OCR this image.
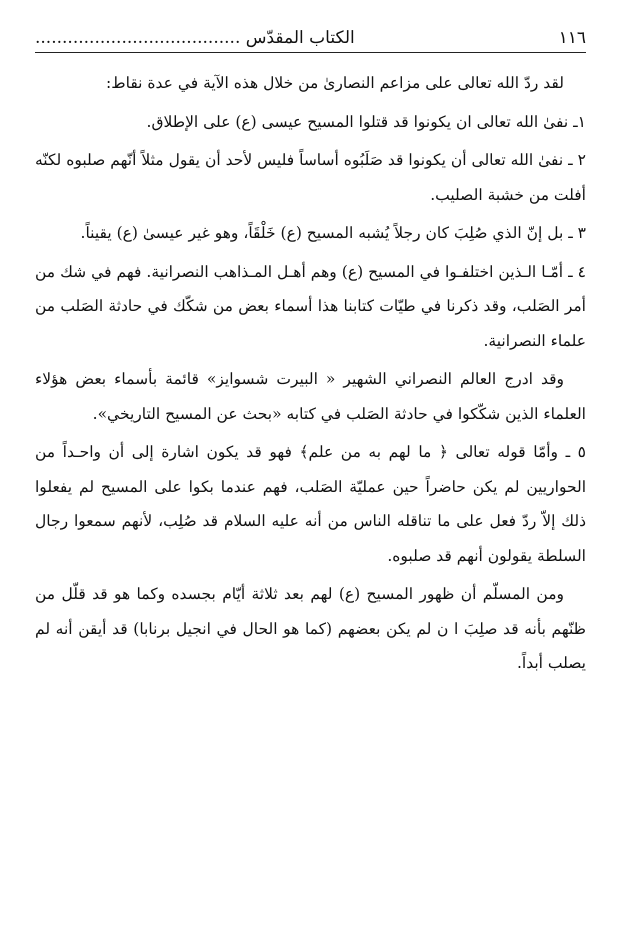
١١٦
الكتاب المقدّس ......................................

لقد ردّ الله تعالى على مزاعم النصارىٰ من خلال هذه الآية في عدة نقاط:

١ـ نفىٰ الله تعالى ان يكونوا قد قتلوا المسيح عيسى (ع) على الإطلاق.

٢ ـ نفىٰ الله تعالى أن يكونوا قد صَلَبُوه أساساً فليس لأحد أن يقول مثلاً أنّهم صلبوه لكنّه أفلت من خشبة الصليب.

٣ ـ بل إنّ الذي صُلِبَ كان رجلاً يُشبه المسيح (ع) خَلْقَاً، وهو غير عيسىٰ (ع) يقيناً.

٤ ـ أمّـا الـذين اختلفـوا في المسيح (ع) وهم أهـل المـذاهب النصرانية. فهم في شك من أمر الصَلب، وقد ذكرنا في طيّات كتابنا هذا أسماء بعض من شكّك في حادثة الصَلب من علماء النصرانية.

وقد ادرج العالم النصراني الشهير « البيرت شسوايز» قائمة بأسماء بعض هؤلاء العلماء الذين شكّكوا في حادثة الصَلب في كتابه «بحث عن المسيح التاريخي».

٥ ـ وأمّا قوله تعالى ﴿ ما لهم به من علم﴾ فهو قد يكون اشارة إلى أن واحـداً من الحواريين لم يكن حاضراً حين عمليّة الصَلب، فهم عندما بكوا على المسيح لم يفعلوا ذلك إلاّ ردّ فعل على ما تناقله الناس من أنه عليه السلام قد صُلِب، لأنهم سمعوا رجال السلطة يقولون أنهم قد صلبوه.

ومن المسلّم أن ظهور المسيح (ع) لهم بعد ثلاثة أيّام بجسده وكما هو قد قلّل من ظنّهم بأنه قد صلِبَ ا ن لم يكن بعضهم (كما هو الحال في انجيل برنابا) قد أيقن أنه لم يصلب أبداً.
